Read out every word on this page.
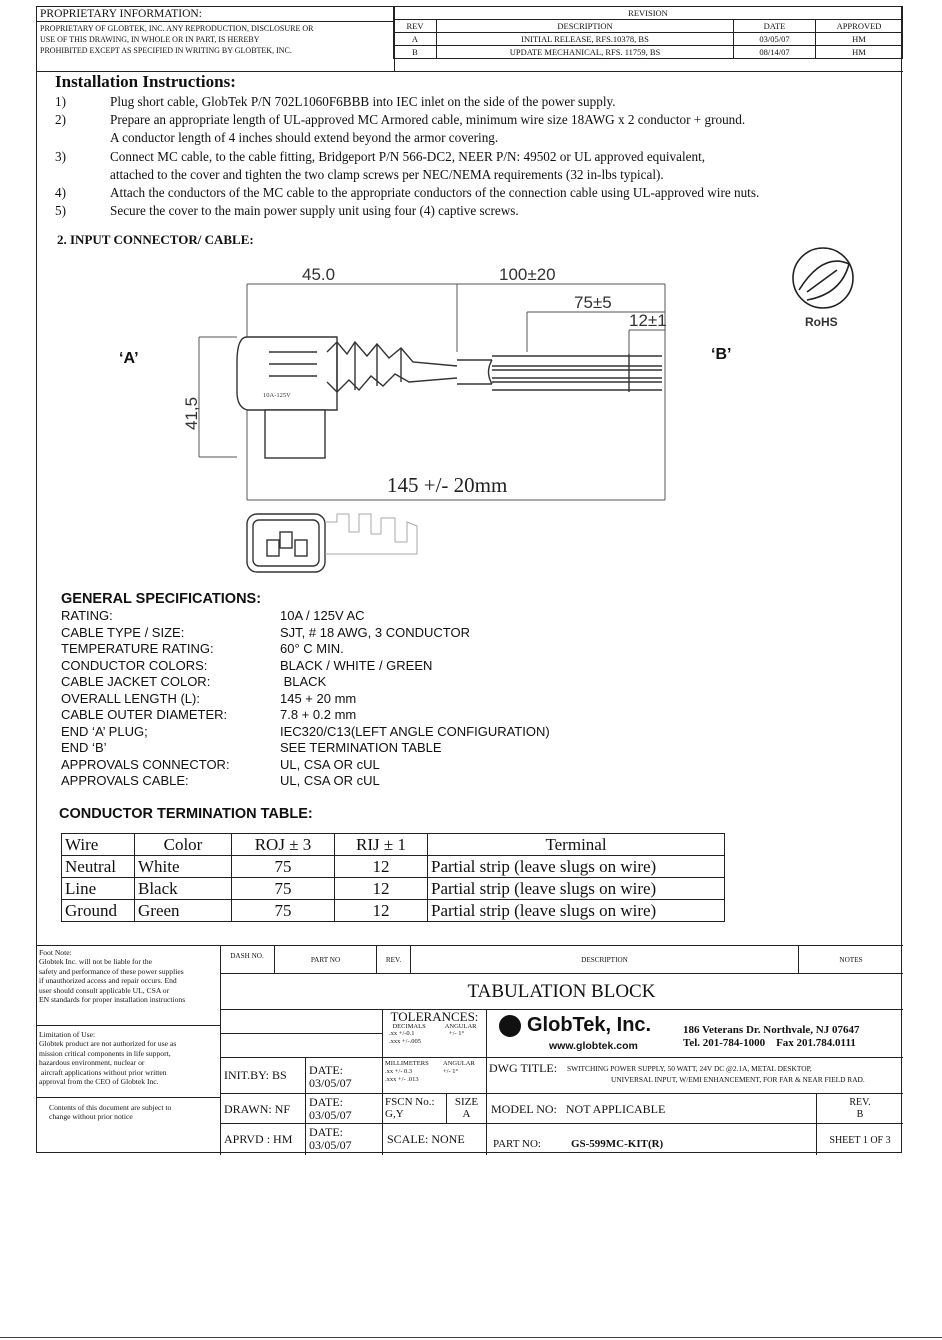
PROPRIETARY INFORMATION:
PROPRIETARY OF GLOBTEK, INC. ANY REPRODUCTION, DISCLOSURE OR
USE OF THIS DRAWING, IN WHOLE OR IN PART, IS HEREBY
PROHIBITED EXCEPT AS SPECIFIED IN WRITING BY GLOBTEK, INC.
REVISION			
REV	DESCRIPTION	DATE	APPROVED
A	INITIAL RELEASE, RFS.10378, BS	03/05/07	HM
B	UPDATE MECHANICAL, RFS. 11759, BS	08/14/07	HM
Installation Instructions:
1)	Plug short cable, GlobTek P/N 702L1060F6BBB into IEC inlet on the side of the power supply.
2)	Prepare an appropriate length of UL-approved MC Armored cable, minimum wire size 18AWG x 2 conductor + ground.
A conductor length of 4 inches should extend beyond the armor covering.
3)	Connect MC cable, to the cable fitting, Bridgeport P/N 566-DC2, NEER P/N: 49502 or UL approved equivalent,
attached to the cover and tighten the two clamp screws per NEC/NEMA requirements (32 in-lbs typical).
4)	Attach the conductors of the MC cable to the appropriate conductors of the connection cable using UL-approved wire nuts.
5)	Secure the cover to the main power supply unit using four (4) captive screws.
2. INPUT CONNECTOR/ CABLE:
‘A’	‘B’
45.0	100±20
75±5
12±1
41,5
10A-125V
RoHS
145 +/- 20mm
GENERAL SPECIFICATIONS:
RATING:	10A / 125V AC
CABLE TYPE / SIZE:	SJT, # 18 AWG, 3 CONDUCTOR
TEMPERATURE RATING:	60° C MIN.
CONDUCTOR COLORS:	BLACK / WHITE / GREEN
CABLE JACKET COLOR:	BLACK
OVERALL LENGTH (L):	145 + 20 mm
CABLE OUTER DIAMETER:	7.8 + 0.2 mm
END ‘A’ PLUG;	IEC320/C13(LEFT ANGLE CONFIGURATION)
END ‘B’	SEE TERMINATION TABLE
APPROVALS CONNECTOR:	UL, CSA OR cUL
APPROVALS CABLE:	UL, CSA OR cUL
CONDUCTOR TERMINATION TABLE:
Wire	Color	ROJ ± 3	RIJ ± 1	Terminal
Neutral	White	75	12	Partial strip (leave slugs on wire)
Line	Black	75	12	Partial strip (leave slugs on wire)
Ground	Green	75	12	Partial strip (leave slugs on wire)
Foot Note:
Globtek Inc. will not be liable for the
safety and performance of these power supplies
if unauthorized access and repair occurs. End
user should consult applicable UL, CSA or
EN standards for proper installation instructions
Limitation of Use:
Globtek product are not authorized for use as
mission critical components in life support,
hazardous environment, nuclear or
aircraft applications without prior written
approval from the CEO of Globtek Inc.
Contents of this document are subject to
change without prior notice
DASH NO.	PART NO	REV.	DESCRIPTION	NOTES
TABULATION BLOCK
TOLERANCES:
DECIMALS	ANGULAR
.xx +/-0.1
.xxx +/-.005
+/- 1°	GlobTek, Inc.
www.globtek.com
186 Veterans Dr. Northvale, NJ 07647
Tel. 201-784-1000    Fax 201.784.0111
INIT.BY: BS	DATE:
03/05/07
MILLIMETERS
.xx +/- 0.3
.xxx +/- .013
ANGULAR
+/- 1°	DWG TITLE: SWITCHING POWER SUPPLY, 50 WATT, 24V DC @2.1A, METAL DESKTOP,
UNIVERSAL INPUT, W/EMI ENHANCEMENT, FOR FAR & NEAR FIELD RAD.
DRAWN: NF	DATE:
03/05/07
FSCN No.:
G,Y
SIZE
A	MODEL NO:   NOT APPLICABLE	REV.
B
APRVD : HM	DATE:
03/05/07	SCALE: NONE	PART NO:	GS-599MC-KIT(R)	SHEET 1 OF 3
